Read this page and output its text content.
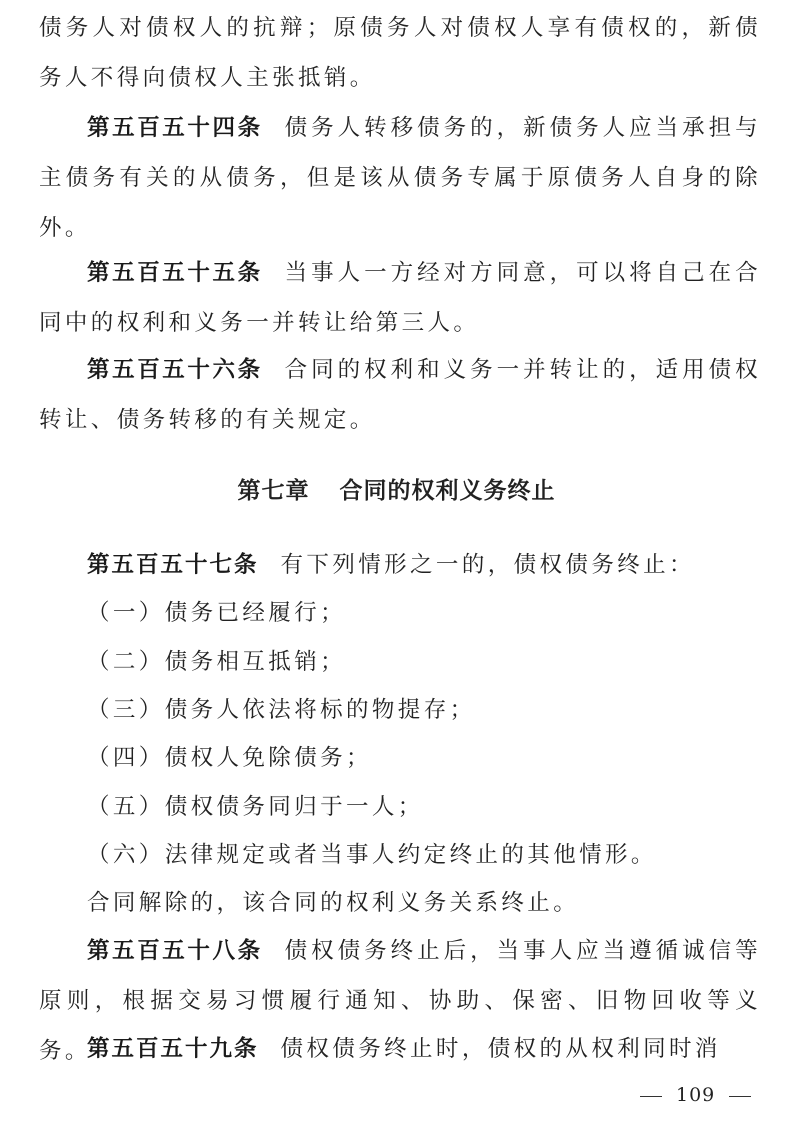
债务人对债权人的抗辩；原债务人对债权人享有债权的，新债务人不得向债权人主张抵销。

第五百五十四条 债务人转移债务的，新债务人应当承担与主债务有关的从债务，但是该从债务专属于原债务人自身的除外。

第五百五十五条 当事人一方经对方同意，可以将自己在合同中的权利和义务一并转让给第三人。

第五百五十六条 合同的权利和义务一并转让的，适用债权转让、债务转移的有关规定。

第七章 合同的权利义务终止

第五百五十七条 有下列情形之一的，债权债务终止：

（一）债务已经履行；

（二）债务相互抵销；

（三）债务人依法将标的物提存；

（四）债权人免除债务；

（五）债权债务同归于一人；

（六）法律规定或者当事人约定终止的其他情形。

合同解除的，该合同的权利义务关系终止。

第五百五十八条 债权债务终止后，当事人应当遵循诚信等原则，根据交易习惯履行通知、协助、保密、旧物回收等义务。

第五百五十九条 债权债务终止时，债权的从权利同时消

109
